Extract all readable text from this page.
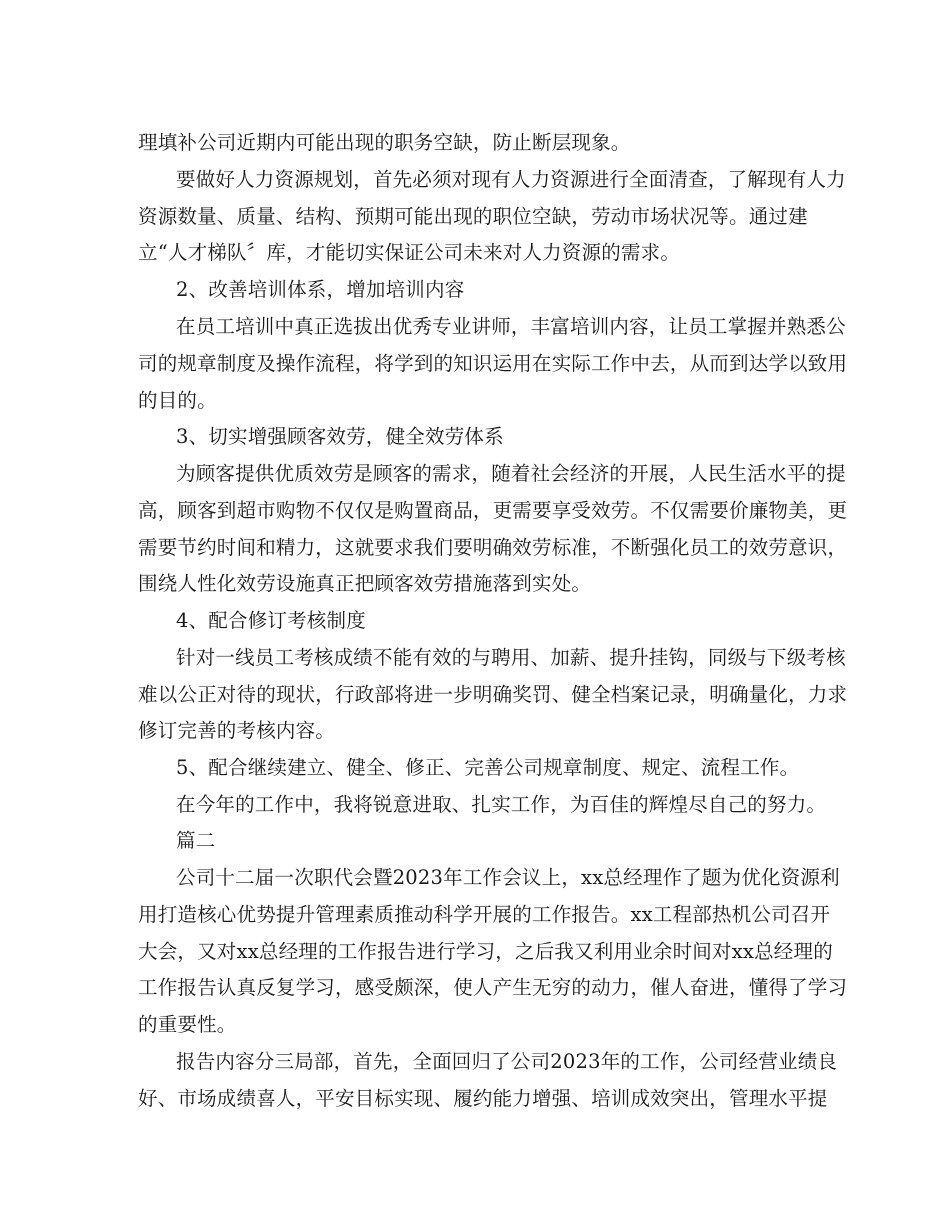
理填补公司近期内可能出现的职务空缺，防止断层现象。
要做好人力资源规划，首先必须对现有人力资源进行全面清查，了解现有人力
资源数量、质量、结构、预期可能出现的职位空缺，劳动市场状况等。通过建
立“人才梯队〞库，才能切实保证公司未来对人力资源的需求。
2、改善培训体系，增加培训内容
在员工培训中真正选拔出优秀专业讲师，丰富培训内容，让员工掌握并熟悉公
司的规章制度及操作流程，将学到的知识运用在实际工作中去，从而到达学以致用
的目的。
3、切实增强顾客效劳，健全效劳体系
为顾客提供优质效劳是顾客的需求，随着社会经济的开展，人民生活水平的提
高，顾客到超市购物不仅仅是购置商品，更需要享受效劳。不仅需要价廉物美，更
需要节约时间和精力，这就要求我们要明确效劳标准，不断强化员工的效劳意识，
围绕人性化效劳设施真正把顾客效劳措施落到实处。
4、配合修订考核制度
针对一线员工考核成绩不能有效的与聘用、加薪、提升挂钩，同级与下级考核
难以公正对待的现状，行政部将进一步明确奖罚、健全档案记录，明确量化，力求
修订完善的考核内容。
5、配合继续建立、健全、修正、完善公司规章制度、规定、流程工作。
在今年的工作中，我将锐意进取、扎实工作，为百佳的辉煌尽自己的努力。
篇二
公司十二届一次职代会暨2023年工作会议上，xx总经理作了题为优化资源利
用打造核心优势提升管理素质推动科学开展的工作报告。xx工程部热机公司召开
大会，又对xx总经理的工作报告进行学习，之后我又利用业余时间对xx总经理的
工作报告认真反复学习，感受颇深，使人产生无穷的动力，催人奋进，懂得了学习
的重要性。
报告内容分三局部，首先，全面回归了公司2023年的工作，公司经营业绩良
好、市场成绩喜人，平安目标实现、履约能力增强、培训成效突出，管理水平提
